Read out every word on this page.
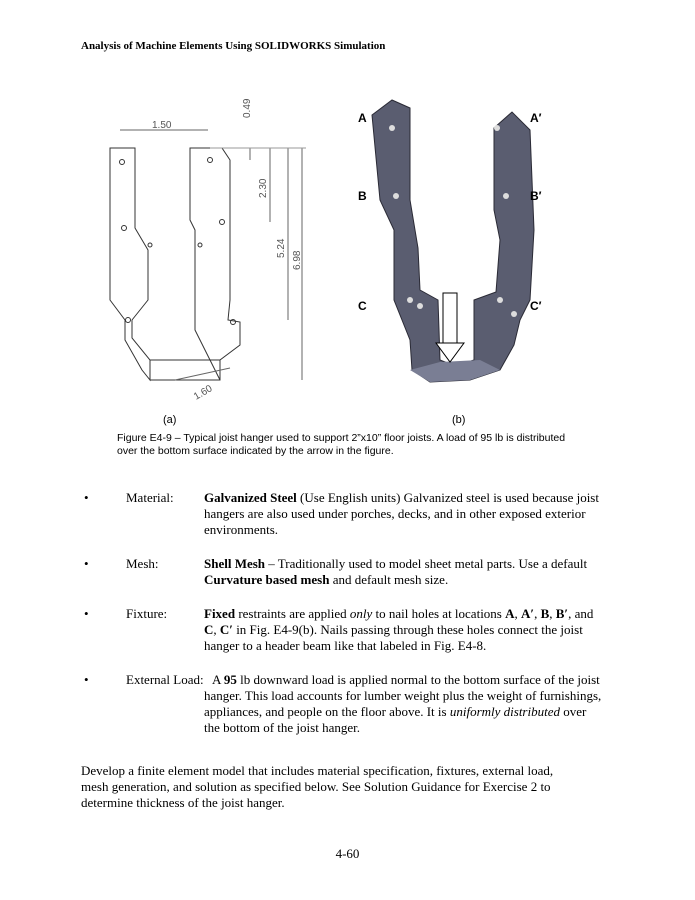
Analysis of Machine Elements Using SOLIDWORKS Simulation
1.50
0.49
2.30
5.24
6.98
1.60
A	A′
B	B′
C	C′
(a)	(b)
Figure E4-9 – Typical joist hanger used to support 2”x10” floor joists. A load of 95 lb is distributed over the bottom surface indicated by the arrow in the figure.
•	Material: Galvanized Steel (Use English units) Galvanized steel is used because joist hangers are also used under porches, decks, and in other exposed exterior environments.
•	Mesh:	Shell Mesh – Traditionally used to model sheet metal parts. Use a default Curvature based mesh and default mesh size.
•	Fixture:	Fixed restraints are applied only to nail holes at locations A, A′, B, B′, and C, C′ in Fig. E4-9(b). Nails passing through these holes connect the joist hanger to a header beam like that labeled in Fig. E4-8.
•	External Load: A 95 lb downward load is applied normal to the bottom surface of the joist hanger. This load accounts for lumber weight plus the weight of furnishings, appliances, and people on the floor above. It is uniformly distributed over the bottom of the joist hanger.
Develop a finite element model that includes material specification, fixtures, external load, mesh generation, and solution as specified below. See Solution Guidance for Exercise 2 to determine thickness of the joist hanger.
4-60
